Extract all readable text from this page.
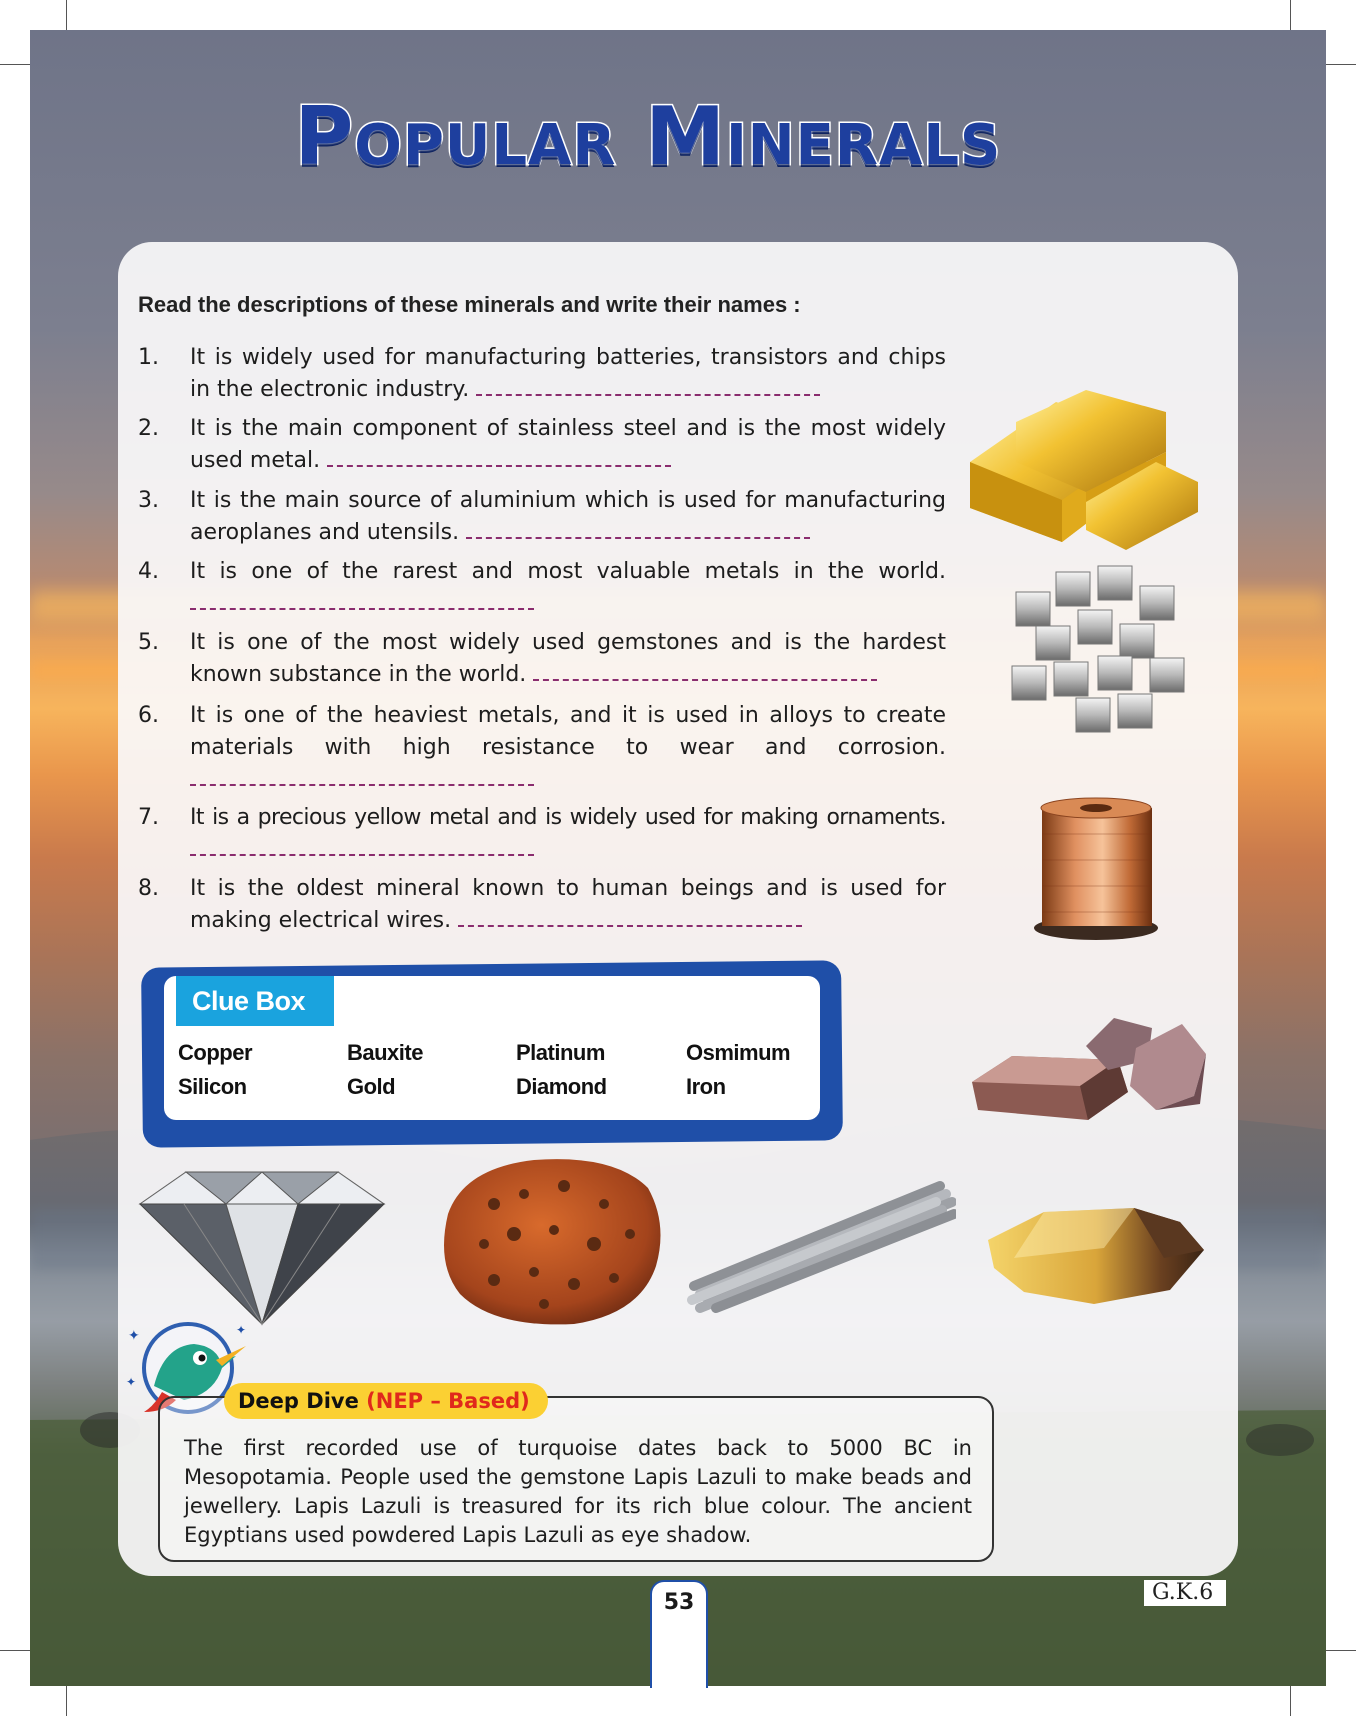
Popular Minerals
Read the descriptions of these minerals and write their names :
1.	It is widely used for manufacturing batteries, transistors and chips in the electronic industry.
2.	It is the main component of stainless steel and is the most widely used metal.
3.	It is the main source of aluminium which is used for manufacturing aeroplanes and utensils.
4.	It is one of the rarest and most valuable metals in the world.
5.	It is one of the most widely used gemstones and is the hardest known substance in the world.
6.	It is one of the heaviest metals, and it is used in alloys to create materials with high resistance to wear and corrosion.
7.	It is a precious yellow metal and is widely used for making ornaments.
8.	It is the oldest mineral known to human beings and is used for making electrical wires.
Clue Box
Copper	Bauxite	Platinum	Osmimum
Silicon	Gold	Diamond	Iron
✦	✦
✦
Deep Dive (NEP – Based)
The first recorded use of turquoise dates back to 5000 BC in Mesopotamia. People used the gemstone Lapis Lazuli to make beads and jewellery. Lapis Lazuli is treasured for its rich blue colour. The ancient Egyptians used powdered Lapis Lazuli as eye shadow.
53	G.K.6
